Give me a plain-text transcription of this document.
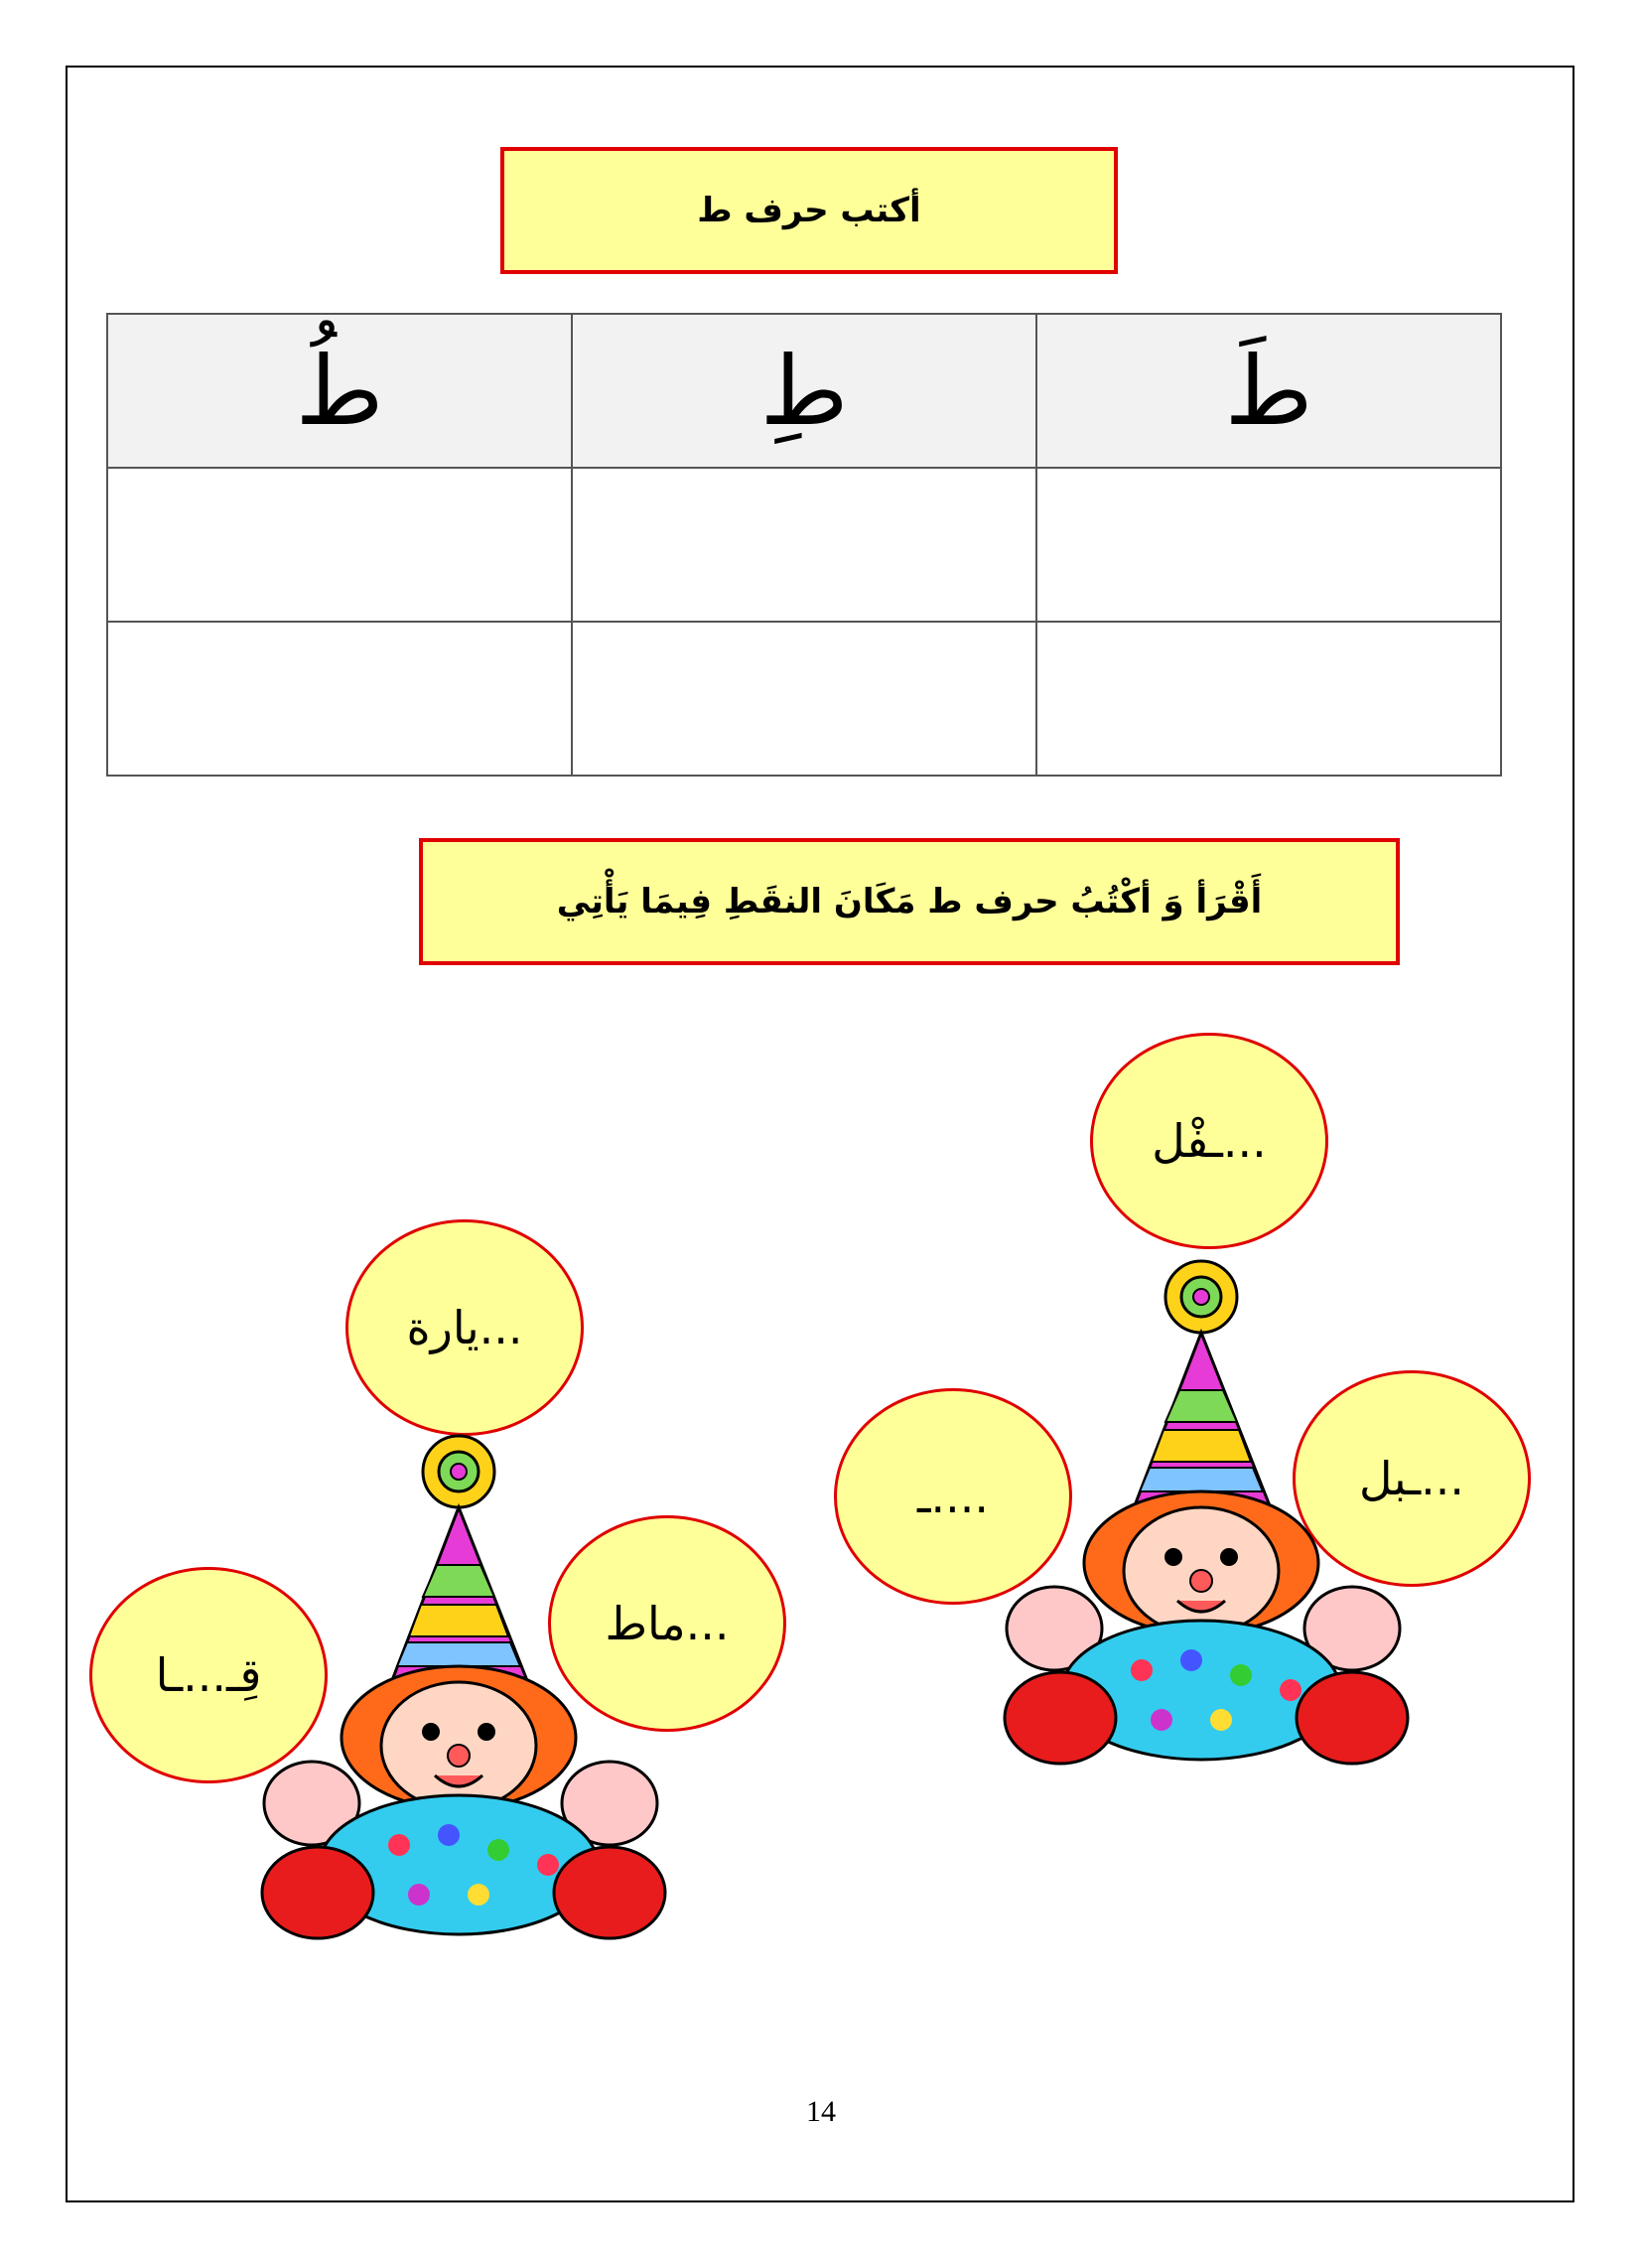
أكتب حرف ط
طَ	طِ	طُ

أَقْرَأ وَ أكْتُبُ حرف ط مَكَانَ النقَطِ فِيمَا يَأْتِي
...ـفْل
...ـبل
....ـ
...يارة
...ماط
قِـ...ـا
14
